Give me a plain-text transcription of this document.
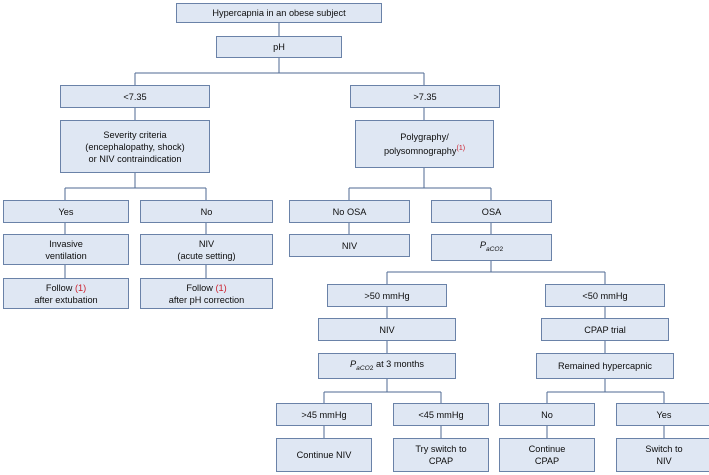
Hypercapnia in an obese subject
pH
<7.35	>7.35
Severity criteria
(encephalopathy, shock)
or NIV contraindication
Polygraphy/
polysomnography$^{(1)}$
Yes	No	No OSA	OSA
Invasive
ventilation
NIV
(acute setting)
NIV	$P_{aCO2}$
Follow (1)
after extubation
Follow (1)
after pH correction	>50 mmHg	<50 mmHg
NIV	CPAP trial
$P_{aCO2}$ at 3 months	Remained hypercapnic
>45 mmHg	<45 mmHg	No	Yes
Continue NIV
Try switch to
CPAP
Continue
CPAP
Switch to
NIV
